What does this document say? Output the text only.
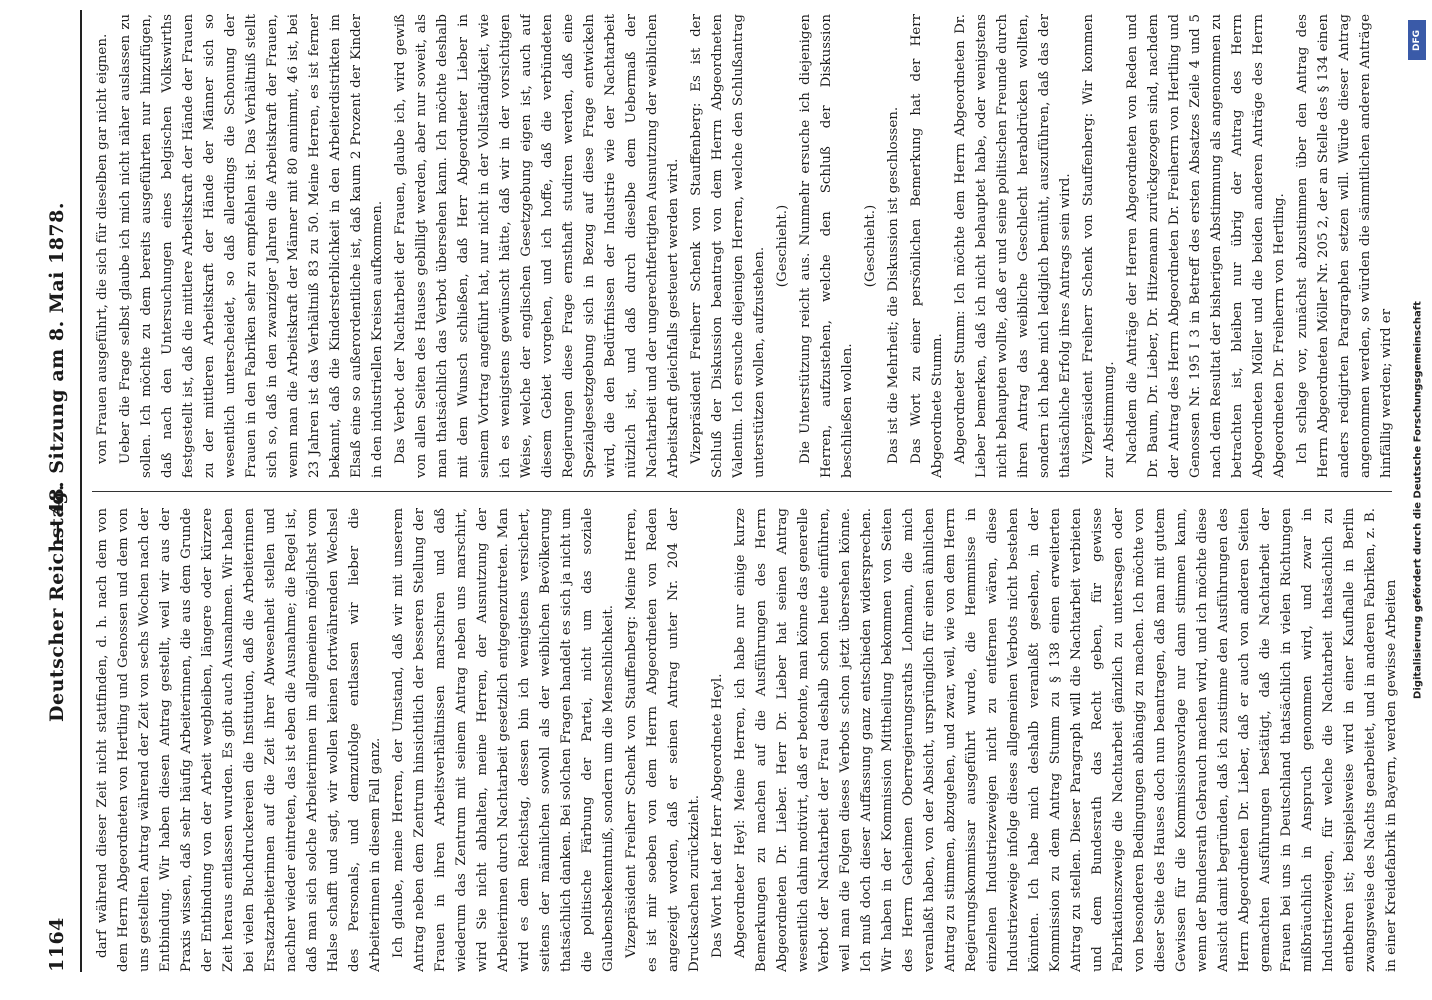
1164
Deutscher Reichstag.
— 48. Sitzung am 8. Mai 1878.

darf während dieser Zeit nicht stattfinden, d. h. nach dem von dem Herrn Abgeordneten von Hertling und Genossen und dem von uns gestellten Antrag während der Zeit von sechs Wochen nach der Entbindung. Wir haben diesen Antrag gestellt, weil wir aus der Praxis wissen, daß sehr häufig Arbeiterinnen, die aus dem Grunde der Entbindung von der Arbeit wegbleiben, längere oder kürzere Zeit heraus entlassen wurden. Es gibt auch Ausnahmen. Wir haben bei vielen Buchdruckereien die Institution, daß die Arbeiterinnen Ersatzarbeiterinnen auf die Zeit ihrer Abwesenheit stellen und nachher wieder eintreten, das ist eben die Ausnahme; die Regel ist, daß man sich solche Arbeiterinnen im allgemeinen möglichst vom Halse schafft und sagt, wir wollen keinen fortwährenden Wechsel des Personals, und demzufolge entlassen wir lieber die Arbeiterinnen in diesem Fall ganz. Ich glaube, meine Herren, der Umstand, daß wir mit unserem Antrag neben dem Zentrum hinsichtlich der besseren Stellung der Frauen in ihren Arbeitsverhältnissen marschiren und daß wiederum das Zentrum mit seinem Antrag neben uns marschirt, wird Sie nicht abhalten, meine Herren, der Ausnutzung der Arbeiterinnen durch Nachtarbeit gesetzlich entgegenzutreten. Man wird es dem Reichstag, dessen bin ich wenigstens versichert, seitens der männlichen sowohl als der weiblichen Bevölkerung thatsächlich danken. Bei solchen Fragen handelt es sich ja nicht um die politische Färbung der Partei, nicht um das soziale Glaubensbekenntniß, sondern um die Menschlichkeit. Vizepräsident Freiherr Schenk von Stauffenberg: Meine Herren, es ist mir soeben von dem Herrn Abgeordneten von Reden angezeigt worden, daß er seinen Antrag unter Nr. 204 der Drucksachen zurückzieht. Das Wort hat der Herr Abgeordnete Heyl. Abgeordneter Heyl: Meine Herren, ich habe nur einige kurze Bemerkungen zu machen auf die Ausführungen des Herrn Abgeordneten Dr. Lieber. Herr Dr. Lieber hat seinen Antrag wesentlich dahin motivirt, daß er betonte, man könne das generelle Verbot der Nachtarbeit der Frau deshalb schon heute einführen, weil man die Folgen dieses Verbots schon jetzt übersehen könne. Ich muß doch dieser Auffassung ganz entschieden widersprechen. Wir haben in der Kommission Mittheilung bekommen von Seiten des Herrn Geheimen Oberregierungsraths Lohmann, die mich veranlaßt haben, von der Absicht, ursprünglich für einen ähnlichen Antrag zu stimmen, abzugehen, und zwar, weil, wie von dem Herrn Regierungskommissar ausgeführt wurde, die Hemmnisse in einzelnen Industriezweigen nicht zu entfernen wären, diese Industriezweige infolge dieses allgemeinen Verbots nicht bestehen könnten. Ich habe mich deshalb veranlaßt gesehen, in der Kommission zu dem Antrag Stumm zu § 138 einen erweiterten Antrag zu stellen. Dieser Paragraph will die Nachtarbeit verbieten und dem Bundesrath das Recht geben, für gewisse Fabrikationszweige die Nachtarbeit gänzlich zu untersagen oder von besonderen Bedingungen abhängig zu machen. Ich möchte von dieser Seite des Hauses doch nun beantragen, daß man mit gutem Gewissen für die Kommissionsvorlage nur dann stimmen kann, wenn der Bundesrath Gebrauch machen wird, und ich möchte diese Ansicht damit begründen, daß ich zustimme den Ausführungen des Herrn Abgeordneten Dr. Lieber, daß er auch von anderen Seiten gemachten Ausführungen bestätigt, daß die Nachtarbeit der Frauen bei uns in Deutschland thatsächlich in vielen Richtungen mißbräuchlich in Anspruch genommen wird, und zwar in Industriezweigen, für welche die Nachtarbeit thatsächlich zu entbehren ist; beispielsweise wird in einer Kaufhalle in Berlin zwangsweise des Nachts gearbeitet, und in anderen Fabriken, z. B. in einer Kreidefabrik in Bayern, werden gewisse Arbeiten

von Frauen ausgeführt, die sich für dieselben gar nicht eignen. Ueber die Frage selbst glaube ich mich nicht näher auslassen zu sollen. Ich möchte zu dem bereits ausgeführten nur hinzufügen, daß nach den Untersuchungen eines belgischen Volkswirths festgestellt ist, daß die mittlere Arbeitskraft der Hände der Frauen zu der mittleren Arbeitskraft der Hände der Männer sich so wesentlich unterscheidet, so daß allerdings die Schonung der Frauen in den Fabriken sehr zu empfehlen ist. Das Verhältniß stellt sich so, daß in den zwanziger Jahren die Arbeitskraft der Frauen, wenn man die Arbeitskraft der Männer mit 80 annimmt, 46 ist, bei 23 Jahren ist das Verhältniß 83 zu 50. Meine Herren, es ist ferner bekannt, daß die Kindersterblichkeit in den Arbeiterdistrikten im Elsaß eine so außerordentliche ist, daß kaum 2 Prozent der Kinder in den industriellen Kreisen aufkommen. Das Verbot der Nachtarbeit der Frauen, glaube ich, wird gewiß von allen Seiten des Hauses gebilligt werden, aber nur soweit, als man thatsächlich das Verbot übersehen kann. Ich möchte deshalb mit dem Wunsch schließen, daß Herr Abgeordneter Lieber in seinem Vortrag angeführt hat, nur nicht in der Vollständigkeit, wie ich es wenigstens gewünscht hätte, daß wir in der vorsichtigen Weise, welche der englischen Gesetzgebung eigen ist, auch auf diesem Gebiet vorgehen, und ich hoffe, daß die verbündeten Regierungen diese Frage ernsthaft studiren werden, daß eine Spezialgesetzgebung sich in Bezug auf diese Frage entwickeln wird, die den Bedürfnissen der Industrie wie der Nachtarbeit nützlich ist, und daß durch dieselbe dem Uebermaß der Nachtarbeit und der ungerechtfertigten Ausnutzung der weiblichen Arbeitskraft gleichfalls gesteuert werden wird. Vizepräsident Freiherr Schenk von Stauffenberg: Es ist der Schluß der Diskussion beantragt von dem Herrn Abgeordneten Valentin. Ich ersuche diejenigen Herren, welche den Schlußantrag unterstützen wollen, aufzustehen.

(Geschieht.) Die Unterstützung reicht aus. Nunmehr ersuche ich diejenigen Herren, aufzustehen, welche den Schluß der Diskussion beschließen wollen.

(Geschieht.) Das ist die Mehrheit; die Diskussion ist geschlossen. Das Wort zu einer persönlichen Bemerkung hat der Herr Abgeordnete Stumm. Abgeordneter Stumm: Ich möchte dem Herrn Abgeordneten Dr. Lieber bemerken, daß ich nicht behauptet habe, oder wenigstens nicht behaupten wollte, daß er und seine politischen Freunde durch ihren Antrag das weibliche Geschlecht herabdrücken wollten, sondern ich habe mich lediglich bemüht, auszuführen, daß das der thatsächliche Erfolg ihres Antrags sein wird. Vizepräsident Freiherr Schenk von Stauffenberg: Wir kommen zur Abstimmung. Nachdem die Anträge der Herren Abgeordneten von Reden und Dr. Baum, Dr. Lieber, Dr. Hitzemann zurückgezogen sind, nachdem der Antrag des Herrn Abgeordneten Dr. Freiherrn von Hertling und Genossen Nr. 195 I 3 in Betreff des ersten Absatzes Zeile 4 und 5 nach dem Resultat der bisherigen Abstimmung als angenommen zu betrachten ist, bleiben nur übrig der Antrag des Herrn Abgeordneten Möller und die beiden anderen Anträge des Herrn Abgeordneten Dr. Freiherrn von Hertling. Ich schlage vor, zunächst abzustimmen über den Antrag des Herrn Abgeordneten Möller Nr. 205 2, der an Stelle des § 134 einen anders redigirten Paragraphen setzen will. Würde dieser Antrag angenommen werden, so würden die sämmtlichen anderen Anträge hinfällig werden; wird er

DFG
Digitalisierung gefördert durch die Deutsche Forschungsgemeinschaft
